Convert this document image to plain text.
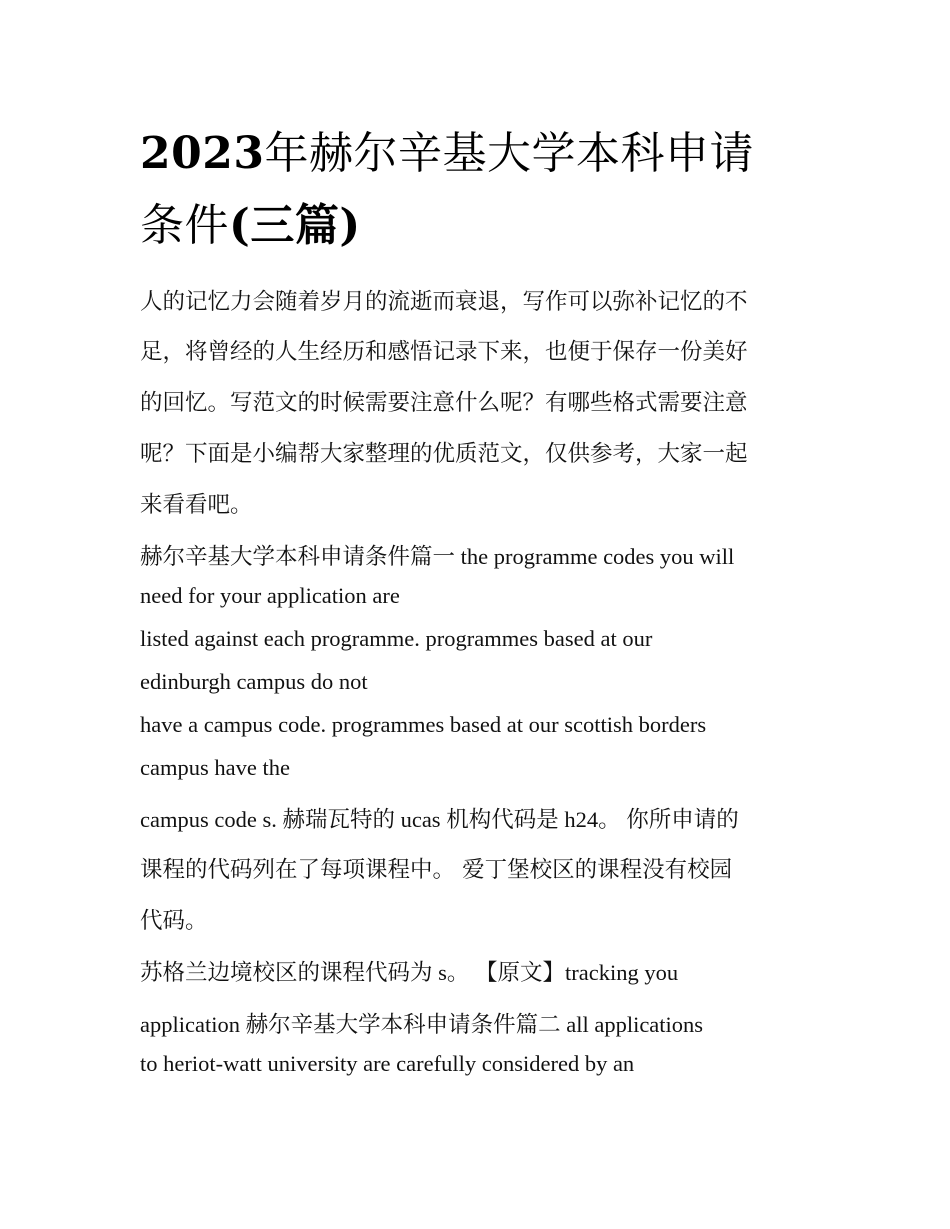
2023年赫尔辛基大学本科申请
条件(三篇)

人的记忆力会随着岁月的流逝而衰退，写作可以弥补记忆的不

足，将曾经的人生经历和感悟记录下来，也便于保存一份美好

的回忆。写范文的时候需要注意什么呢？有哪些格式需要注意

呢？下面是小编帮大家整理的优质范文，仅供参考，大家一起

来看看吧。

赫尔辛基大学本科申请条件篇一 the programme codes you will

need for your application are

listed against each programme. programmes based at our

edinburgh campus do not

have a campus code. programmes based at our scottish borders

campus have the

campus code s. 赫瑞瓦特的 ucas 机构代码是 h24。 你所申请的

课程的代码列在了每项课程中。 爱丁堡校区的课程没有校园

代码。

苏格兰边境校区的课程代码为 s。 【原文】tracking you

application 赫尔辛基大学本科申请条件篇二 all applications

to heriot-watt university are carefully considered by an
